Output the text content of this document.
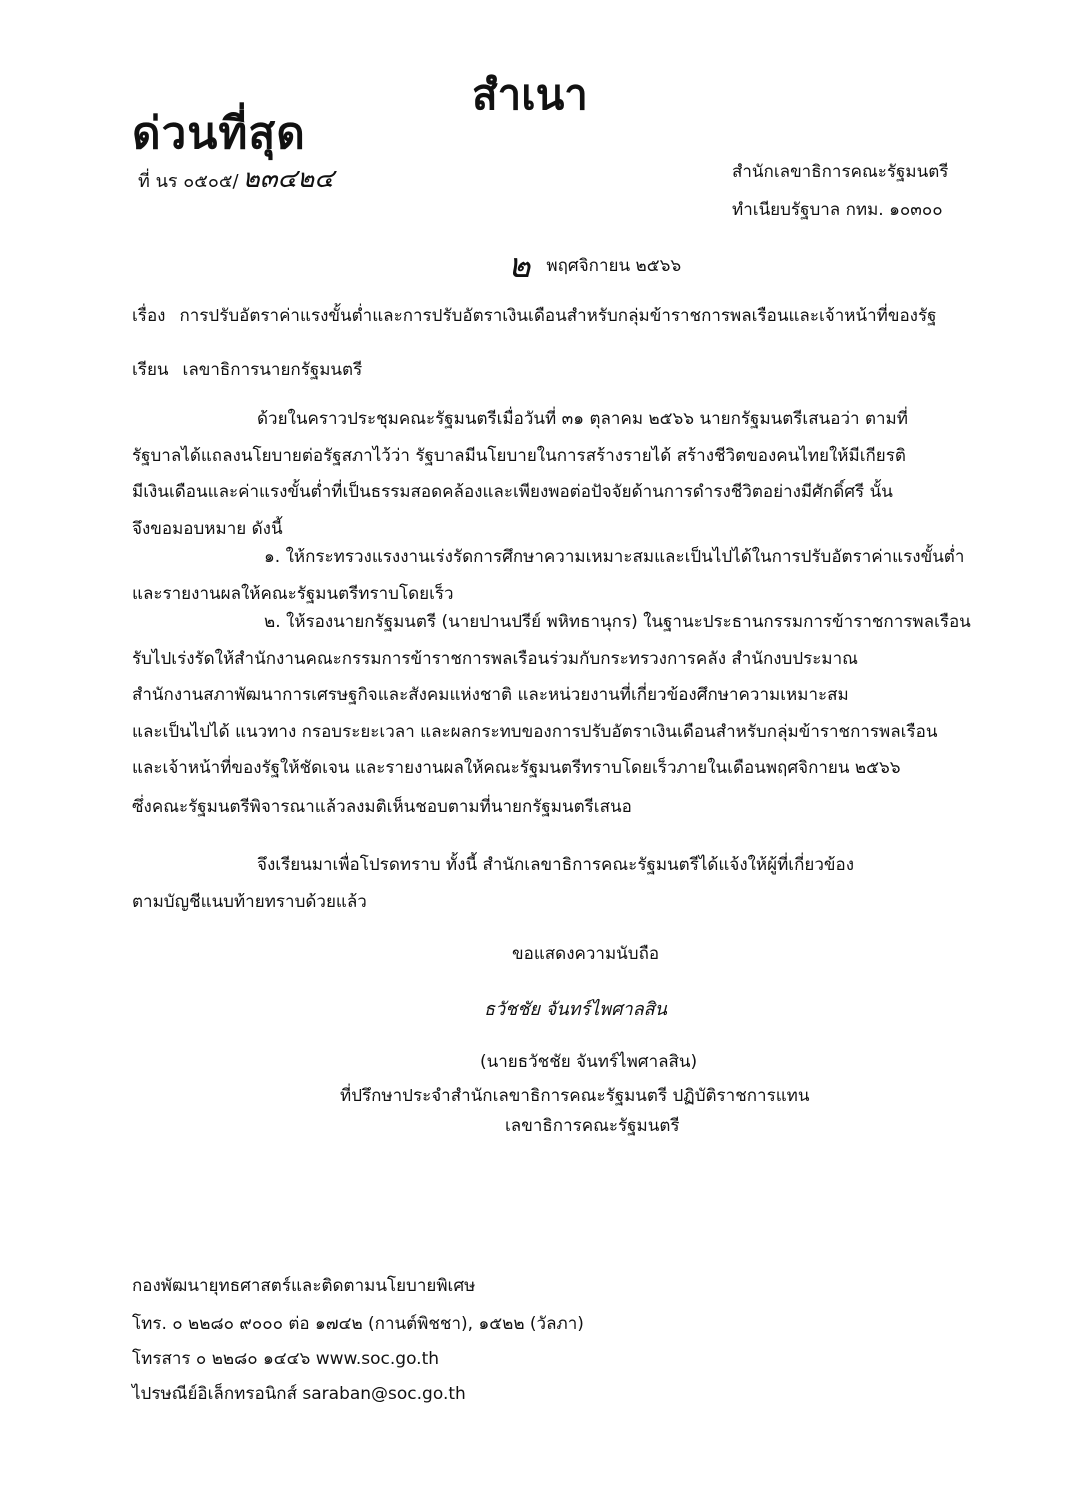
สำเนา
ด่วนที่สุด
ที่ นร ๐๕๐๕/ ๒๓๔๒๔	สำนักเลขาธิการคณะรัฐมนตรี
ทำเนียบรัฐบาล กทม. ๑๐๓๐๐
๒ พฤศจิกายน ๒๕๖๖
เรื่อง การปรับอัตราค่าแรงขั้นต่ำและการปรับอัตราเงินเดือนสำหรับกลุ่มข้าราชการพลเรือนและเจ้าหน้าที่ของรัฐ
เรียน เลขาธิการนายกรัฐมนตรี
ด้วยในคราวประชุมคณะรัฐมนตรีเมื่อวันที่ ๓๑ ตุลาคม ๒๕๖๖ นายกรัฐมนตรีเสนอว่า ตามที่
รัฐบาลได้แถลงนโยบายต่อรัฐสภาไว้ว่า รัฐบาลมีนโยบายในการสร้างรายได้ สร้างชีวิตของคนไทยให้มีเกียรติ
มีเงินเดือนและค่าแรงขั้นต่ำที่เป็นธรรมสอดคล้องและเพียงพอต่อปัจจัยด้านการดำรงชีวิตอย่างมีศักดิ์ศรี นั้น
จึงขอมอบหมาย ดังนี้
๑. ให้กระทรวงแรงงานเร่งรัดการศึกษาความเหมาะสมและเป็นไปได้ในการปรับอัตราค่าแรงขั้นต่ำ
และรายงานผลให้คณะรัฐมนตรีทราบโดยเร็ว
๒. ให้รองนายกรัฐมนตรี (นายปานปรีย์ พหิทธานุกร) ในฐานะประธานกรรมการข้าราชการพลเรือน
รับไปเร่งรัดให้สำนักงานคณะกรรมการข้าราชการพลเรือนร่วมกับกระทรวงการคลัง สำนักงบประมาณ
สำนักงานสภาพัฒนาการเศรษฐกิจและสังคมแห่งชาติ และหน่วยงานที่เกี่ยวข้องศึกษาความเหมาะสม
และเป็นไปได้ แนวทาง กรอบระยะเวลา และผลกระทบของการปรับอัตราเงินเดือนสำหรับกลุ่มข้าราชการพลเรือน
และเจ้าหน้าที่ของรัฐให้ชัดเจน และรายงานผลให้คณะรัฐมนตรีทราบโดยเร็วภายในเดือนพฤศจิกายน ๒๕๖๖
ซึ่งคณะรัฐมนตรีพิจารณาแล้วลงมติเห็นชอบตามที่นายกรัฐมนตรีเสนอ
จึงเรียนมาเพื่อโปรดทราบ ทั้งนี้ สำนักเลขาธิการคณะรัฐมนตรีได้แจ้งให้ผู้ที่เกี่ยวข้อง
ตามบัญชีแนบท้ายทราบด้วยแล้ว
ขอแสดงความนับถือ
ธวัชชัย จันทร์ไพศาลสิน
(นายธวัชชัย จันทร์ไพศาลสิน)
ที่ปรึกษาประจำสำนักเลขาธิการคณะรัฐมนตรี ปฏิบัติราชการแทน
เลขาธิการคณะรัฐมนตรี
กองพัฒนายุทธศาสตร์และติดตามนโยบายพิเศษ
โทร. ๐ ๒๒๘๐ ๙๐๐๐ ต่อ ๑๗๔๒ (กานต์พิชชา), ๑๕๒๒ (วัลภา)
โทรสาร ๐ ๒๒๘๐ ๑๔๔๖ www.soc.go.th
ไปรษณีย์อิเล็กทรอนิกส์ saraban@soc.go.th
